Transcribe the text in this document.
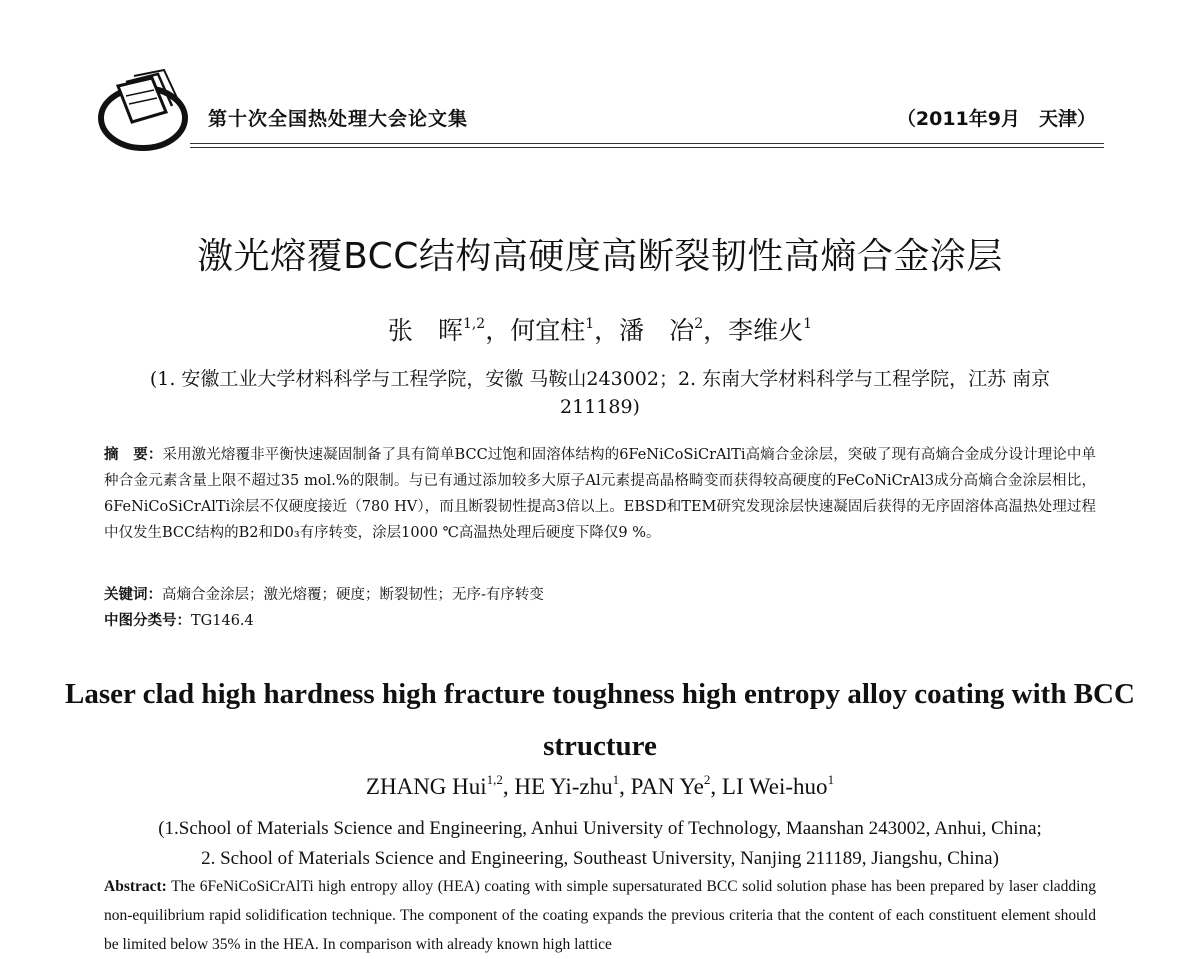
第十次全国热处理大会论文集	（2011年9月　天津）
激光熔覆BCC结构高硬度高断裂韧性高熵合金涂层
张　晖$^{1,2}$，何宜柱$^1$，潘　冶$^2$，李维火$^1$
(1. 安徽工业大学材料科学与工程学院，安徽 马鞍山243002；2. 东南大学材料科学与工程学院，江苏 南京 211189)
摘　要：采用激光熔覆非平衡快速凝固制备了具有简单BCC过饱和固溶体结构的6FeNiCoSiCrAlTi高熵合金涂层，突破了现有高熵合金成分设计理论中单种合金元素含量上限不超过35 mol.%的限制。与已有通过添加较多大原子Al元素提高晶格畸变而获得较高硬度的FeCoNiCrAl3成分高熵合金涂层相比，6FeNiCoSiCrAlTi涂层不仅硬度接近（780 HV），而且断裂韧性提高3倍以上。EBSD和TEM研究发现涂层快速凝固后获得的无序固溶体高温热处理过程中仅发生BCC结构的B2和D0₃有序转变，涂层1000 ℃高温热处理后硬度下降仅9 %。
关键词：高熵合金涂层；激光熔覆；硬度；断裂韧性；无序-有序转变
中图分类号：TG146.4
Laser clad high hardness high fracture toughness high entropy alloy coating with BCC structure
ZHANG Hui$^{1,2}$, HE Yi-zhu$^1$, PAN Ye$^2$, LI Wei-huo$^1$
(1.School of Materials Science and Engineering, Anhui University of Technology, Maanshan 243002, Anhui, China;
2. School of Materials Science and Engineering, Southeast University, Nanjing 211189, Jiangshu, China)
Abstract: The 6FeNiCoSiCrAlTi high entropy alloy (HEA) coating with simple supersaturated BCC solid solution phase has been prepared by laser cladding non-equilibrium rapid solidification technique. The component of the coating expands the previous criteria that the content of each constituent element should be limited below 35% in the HEA. In comparison with already known high lattice
